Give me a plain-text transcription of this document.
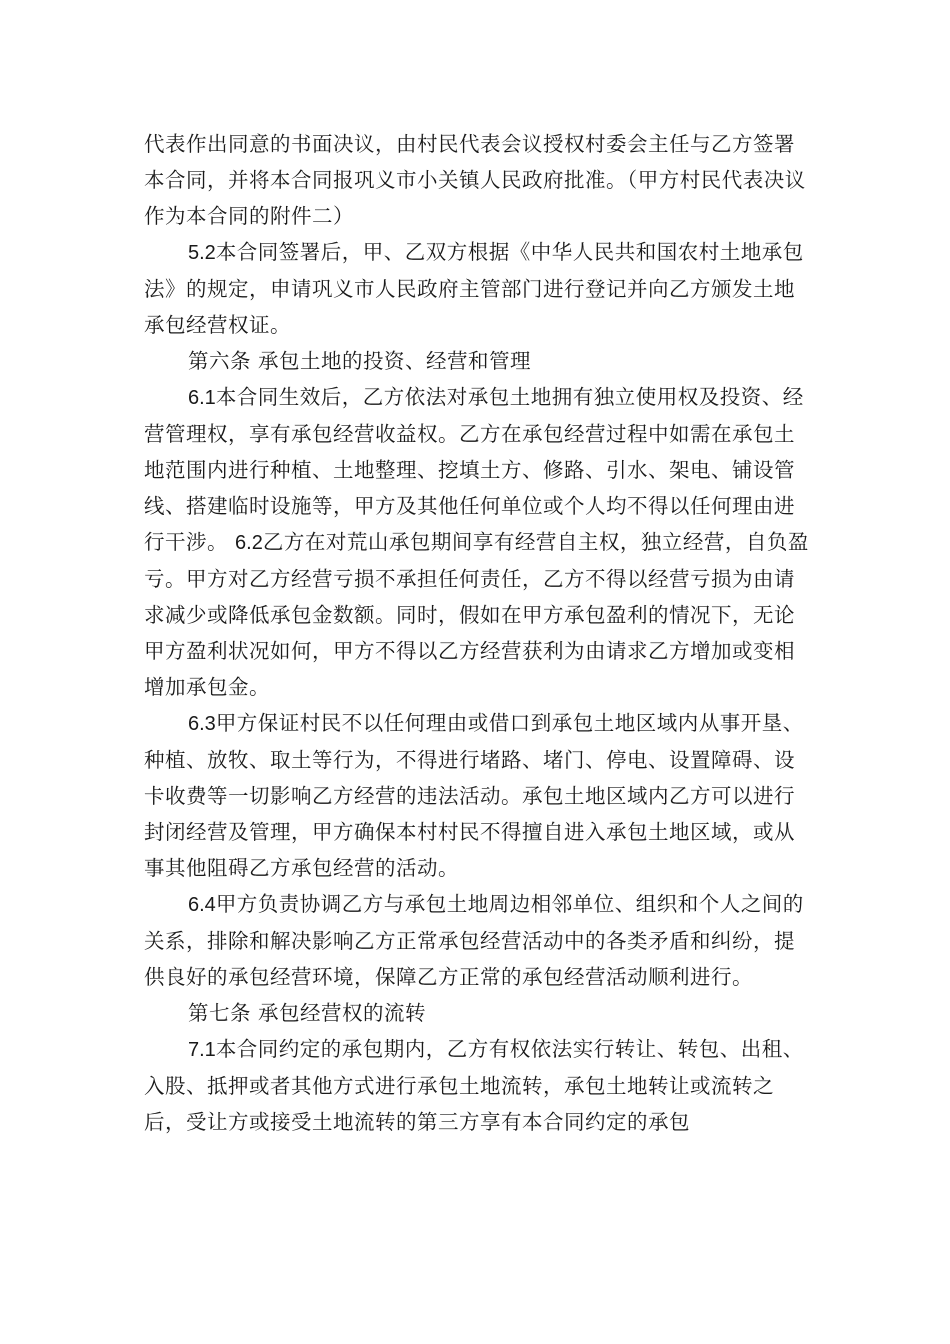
代表作出同意的书面决议，由村民代表会议授权村委会主任与乙方签署本合同，并将本合同报巩义市小关镇人民政府批准。（甲方村民代表决议作为本合同的附件二）

5.2本合同签署后，甲、乙双方根据《中华人民共和国农村土地承包法》的规定，申请巩义市人民政府主管部门进行登记并向乙方颁发土地承包经营权证。

第六条 承包土地的投资、经营和管理

6.1本合同生效后，乙方依法对承包土地拥有独立使用权及投资、经营管理权，享有承包经营收益权。乙方在承包经营过程中如需在承包土地范围内进行种植、土地整理、挖填土方、修路、引水、架电、铺设管线、搭建临时设施等，甲方及其他任何单位或个人均不得以任何理由进行干涉。 6.2乙方在对荒山承包期间享有经营自主权，独立经营，自负盈亏。甲方对乙方经营亏损不承担任何责任，乙方不得以经营亏损为由请求减少或降低承包金数额。同时，假如在甲方承包盈利的情况下，无论甲方盈利状况如何，甲方不得以乙方经营获利为由请求乙方增加或变相增加承包金。

6.3甲方保证村民不以任何理由或借口到承包土地区域内从事开垦、种植、放牧、取土等行为，不得进行堵路、堵门、停电、设置障碍、设卡收费等一切影响乙方经营的违法活动。承包土地区域内乙方可以进行封闭经营及管理，甲方确保本村村民不得擅自进入承包土地区域，或从事其他阻碍乙方承包经营的活动。

6.4甲方负责协调乙方与承包土地周边相邻单位、组织和个人之间的关系，排除和解决影响乙方正常承包经营活动中的各类矛盾和纠纷，提供良好的承包经营环境，保障乙方正常的承包经营活动顺利进行。

第七条 承包经营权的流转

7.1本合同约定的承包期内，乙方有权依法实行转让、转包、出租、入股、抵押或者其他方式进行承包土地流转，承包土地转让或流转之后，受让方或接受土地流转的第三方享有本合同约定的承包
